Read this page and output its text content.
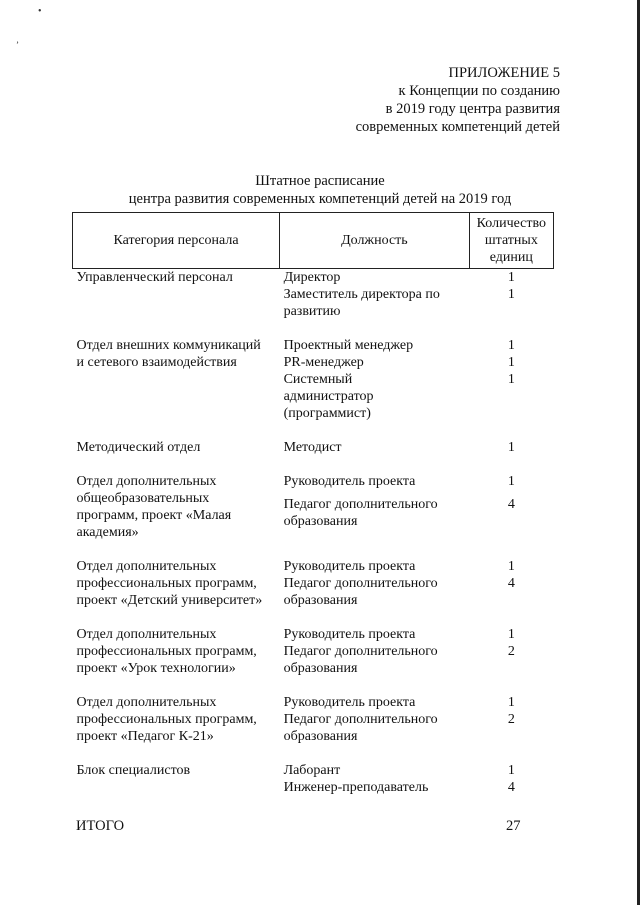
•
ʼ
ПРИЛОЖЕНИЕ 5
к Концепции по созданию
в 2019 году центра развития
современных компетенций детей
Штатное расписание
центра развития современных компетенций детей на 2019 год
Категория персонала	Должность	Количество
штатных
единиц

Управленческий персонал	Директор	1

	Заместитель директора по
развитию	1

Отдел внешних коммуникаций
и сетевого взаимодействия	Проектный менеджер	1

	PR-менеджер	1

	Системный
администратор
(программист)	1

Методический отдел	Методист	1

Отдел дополнительных
общеобразовательных
программ, проект «Малая
академия»	Руководитель проекта	1

	Педагог дополнительного
образования	4

Отдел дополнительных
профессиональных программ,
проект «Детский университет»	Руководитель проекта	1

	Педагог дополнительного
образования	4

Отдел дополнительных
профессиональных программ,
проект «Урок технологии»	Руководитель проекта	1

	Педагог дополнительного
образования	2

Отдел дополнительных
профессиональных программ,
проект «Педагог К-21»	Руководитель проекта	1

	Педагог дополнительного
образования	2

Блок специалистов	Лаборант	1

	Инженер-преподаватель	4
ИТОГО	27
